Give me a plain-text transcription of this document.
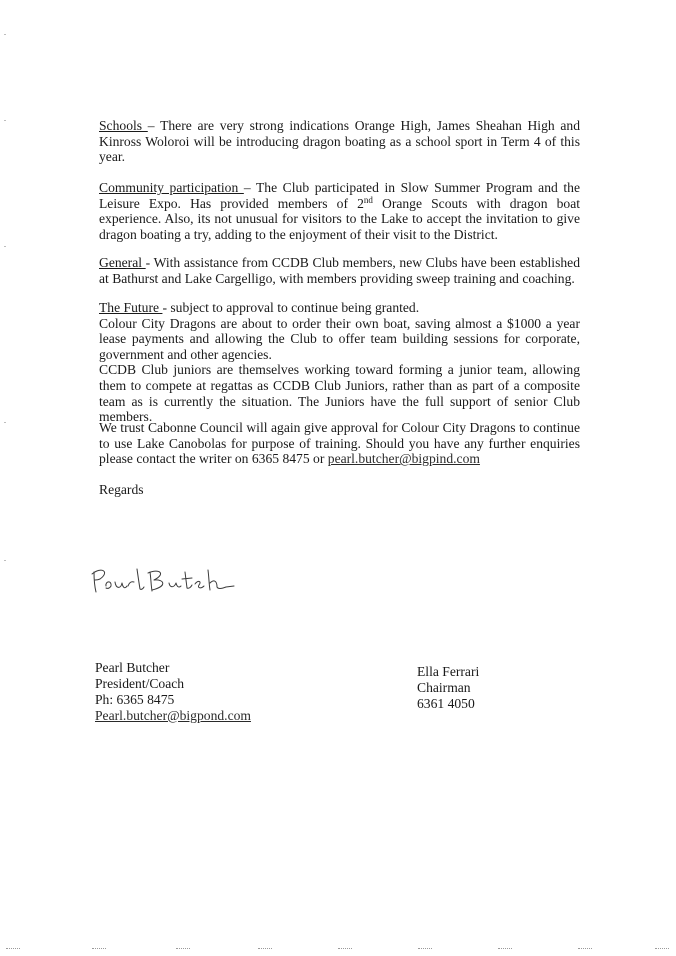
Schools – There are very strong indications Orange High, James Sheahan High and Kinross Woloroi will be introducing dragon boating as a school sport in Term 4 of this year.

Community participation – The Club participated in Slow Summer Program and the Leisure Expo. Has provided members of 2nd Orange Scouts with dragon boat experience. Also, its not unusual for visitors to the Lake to accept the invitation to give dragon boating a try, adding to the enjoyment of their visit to the District.

General - With assistance from CCDB Club members, new Clubs have been established at Bathurst and Lake Cargelligo, with members providing sweep training and coaching.

The Future - subject to approval to continue being granted.

Colour City Dragons are about to order their own boat, saving almost a $1000 a year lease payments and allowing the Club to offer team building sessions for corporate, government and other agencies.

CCDB Club juniors are themselves working toward forming a junior team, allowing them to compete at regattas as CCDB Club Juniors, rather than as part of a composite team as is currently the situation. The Juniors have the full support of senior Club members.

We trust Cabonne Council will again give approval for Colour City Dragons to continue to use Lake Canobolas for purpose of training. Should you have any further enquiries please contact the writer on 6365 8475 or pearl.butcher@bigpind.com

Regards

Pearl Butcher
President/Coach
Ph: 6365 8475
Pearl.butcher@bigpond.com
Ella Ferrari
Chairman
6361 4050
